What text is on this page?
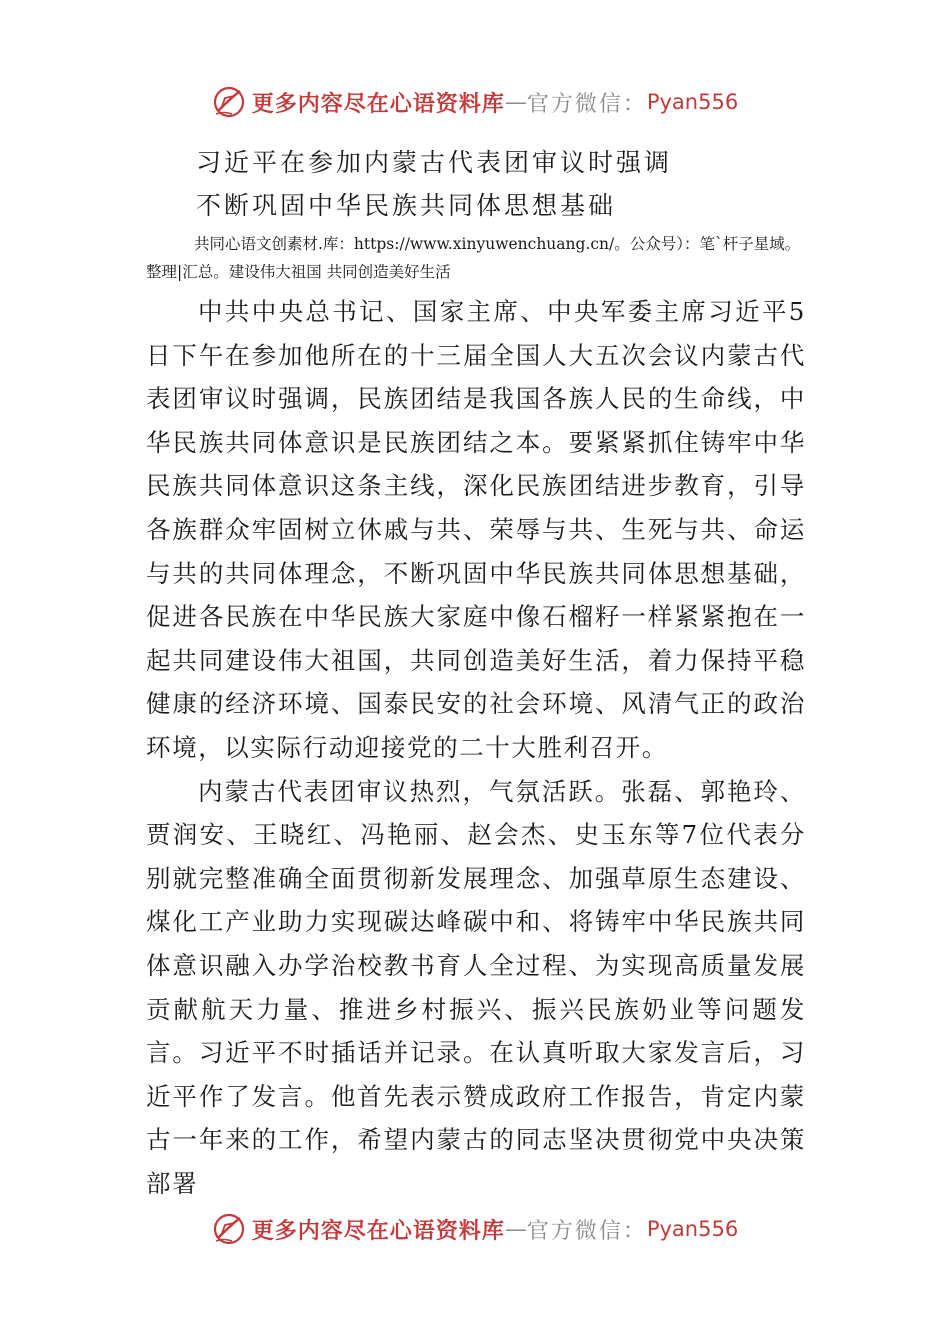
更多内容尽在心语资料库 — 官方微信： Pyan556
习近平在参加内蒙古代表团审议时强调
不断巩固中华民族共同体思想基础
共同心语文创素材.库：https://www.xinyuwenchuang.cn/。公众号）：笔`杆子星域。
整理|汇总。建设伟大祖国 共同创造美好生活

中共中央总书记、国家主席、中央军委主席习近平5日下午在参加他所在的十三届全国人大五次会议内蒙古代表团审议时强调，民族团结是我国各族人民的生命线，中华民族共同体意识是民族团结之本。要紧紧抓住铸牢中华民族共同体意识这条主线，深化民族团结进步教育，引导各族群众牢固树立休戚与共、荣辱与共、生死与共、命运与共的共同体理念，不断巩固中华民族共同体思想基础，促进各民族在中华民族大家庭中像石榴籽一样紧紧抱在一起共同建设伟大祖国，共同创造美好生活，着力保持平稳健康的经济环境、国泰民安的社会环境、风清气正的政治环境，以实际行动迎接党的二十大胜利召开。

内蒙古代表团审议热烈，气氛活跃。张磊、郭艳玲、贾润安、王晓红、冯艳丽、赵会杰、史玉东等7位代表分别就完整准确全面贯彻新发展理念、加强草原生态建设、煤化工产业助力实现碳达峰碳中和、将铸牢中华民族共同体意识融入办学治校教书育人全过程、为实现高质量发展贡献航天力量、推进乡村振兴、振兴民族奶业等问题发言。习近平不时插话并记录。在认真听取大家发言后，习近平作了发言。他首先表示赞成政府工作报告，肯定内蒙古一年来的工作，希望内蒙古的同志坚决贯彻党中央决策部署

更多内容尽在心语资料库 — 官方微信： Pyan556
